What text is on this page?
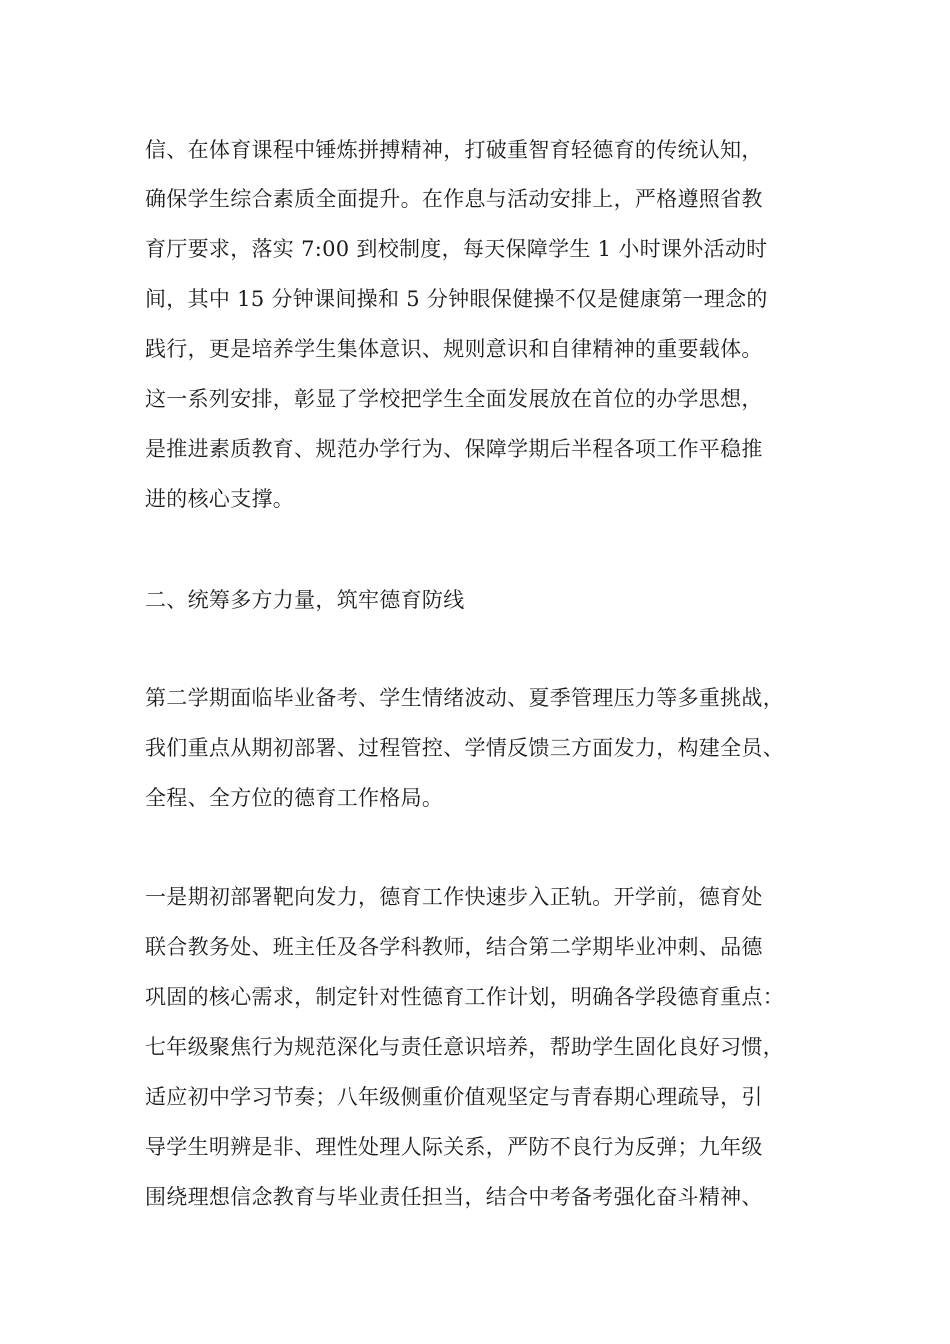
信、在体育课程中锤炼拼搏精神，打破重智育轻德育的传统认知，
确保学生综合素质全面提升。在作息与活动安排上，严格遵照省教
育厅要求，落实 7:00 到校制度，每天保障学生 1 小时课外活动时
间，其中 15 分钟课间操和 5 分钟眼保健操不仅是健康第一理念的
践行，更是培养学生集体意识、规则意识和自律精神的重要载体。
这一系列安排，彰显了学校把学生全面发展放在首位的办学思想，
是推进素质教育、规范办学行为、保障学期后半程各项工作平稳推
进的核心支撑。
二、统筹多方力量，筑牢德育防线
第二学期面临毕业备考、学生情绪波动、夏季管理压力等多重挑战，
我们重点从期初部署、过程管控、学情反馈三方面发力，构建全员、
全程、全方位的德育工作格局。
一是期初部署靶向发力，德育工作快速步入正轨。开学前，德育处
联合教务处、班主任及各学科教师，结合第二学期毕业冲刺、品德
巩固的核心需求，制定针对性德育工作计划，明确各学段德育重点：
七年级聚焦行为规范深化与责任意识培养，帮助学生固化良好习惯，
适应初中学习节奏；八年级侧重价值观坚定与青春期心理疏导，引
导学生明辨是非、理性处理人际关系，严防不良行为反弹；九年级
围绕理想信念教育与毕业责任担当，结合中考备考强化奋斗精神、
